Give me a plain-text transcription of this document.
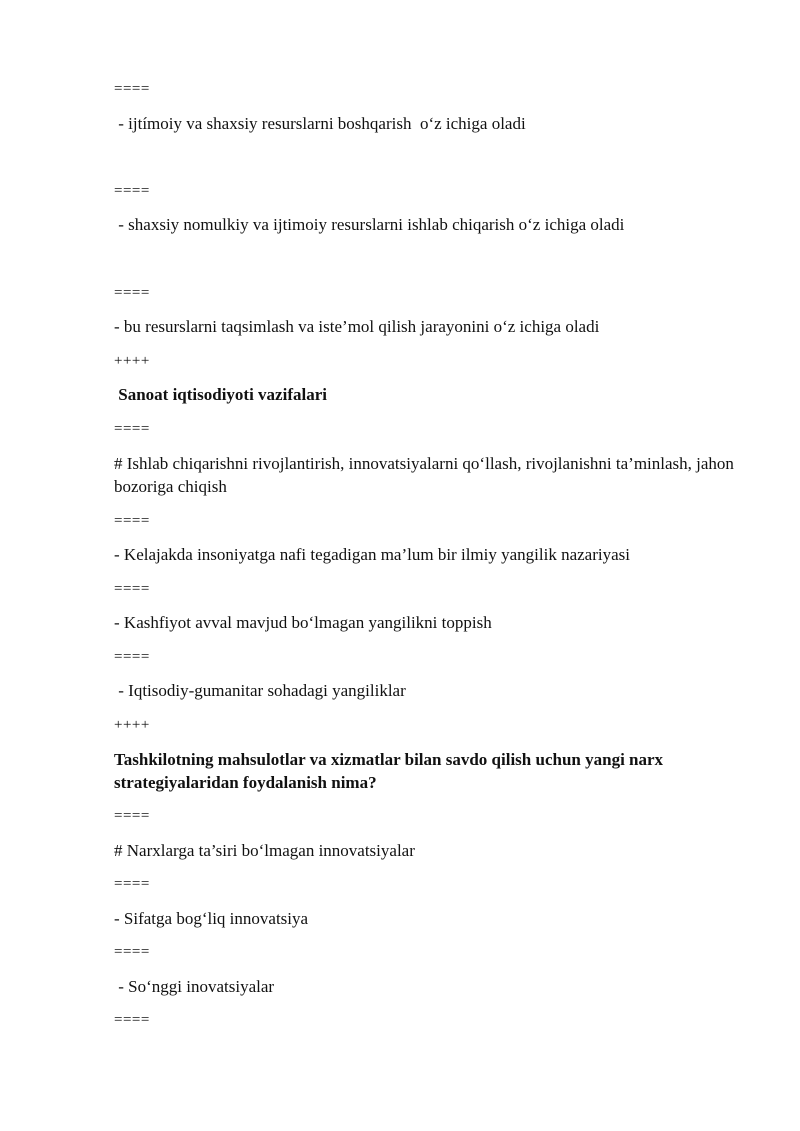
====
- ijtímoiy va shaxsiy resurslarni boshqarish  o‘z ichiga oladi
====
- shaxsiy nomulkiy va ijtimoiy resurslarni ishlab chiqarish o‘z ichiga oladi
====
- bu resurslarni taqsimlash va iste’mol qilish jarayonini o‘z ichiga oladi
++++
Sanoat iqtisodiyoti vazifalari
====
# Ishlab chiqarishni rivojlantirish, innovatsiyalarni qo‘llash, rivojlanishni ta’minlash, jahon bozoriga chiqish
====
- Kelajakda insoniyatga nafi tegadigan ma’lum bir ilmiy yangilik nazariyasi
====
- Kashfiyot avval mavjud bo‘lmagan yangilikni toppish
====
- Iqtisodiy-gumanitar sohadagi yangiliklar
++++
Tashkilotning mahsulotlar va xizmatlar bilan savdo qilish uchun yangi narx strategiyalaridan foydalanish nima?
====
# Narxlarga ta’siri bo‘lmagan innovatsiyalar
====
- Sifatga bog‘liq innovatsiya
====
- So‘nggi inovatsiyalar
====
